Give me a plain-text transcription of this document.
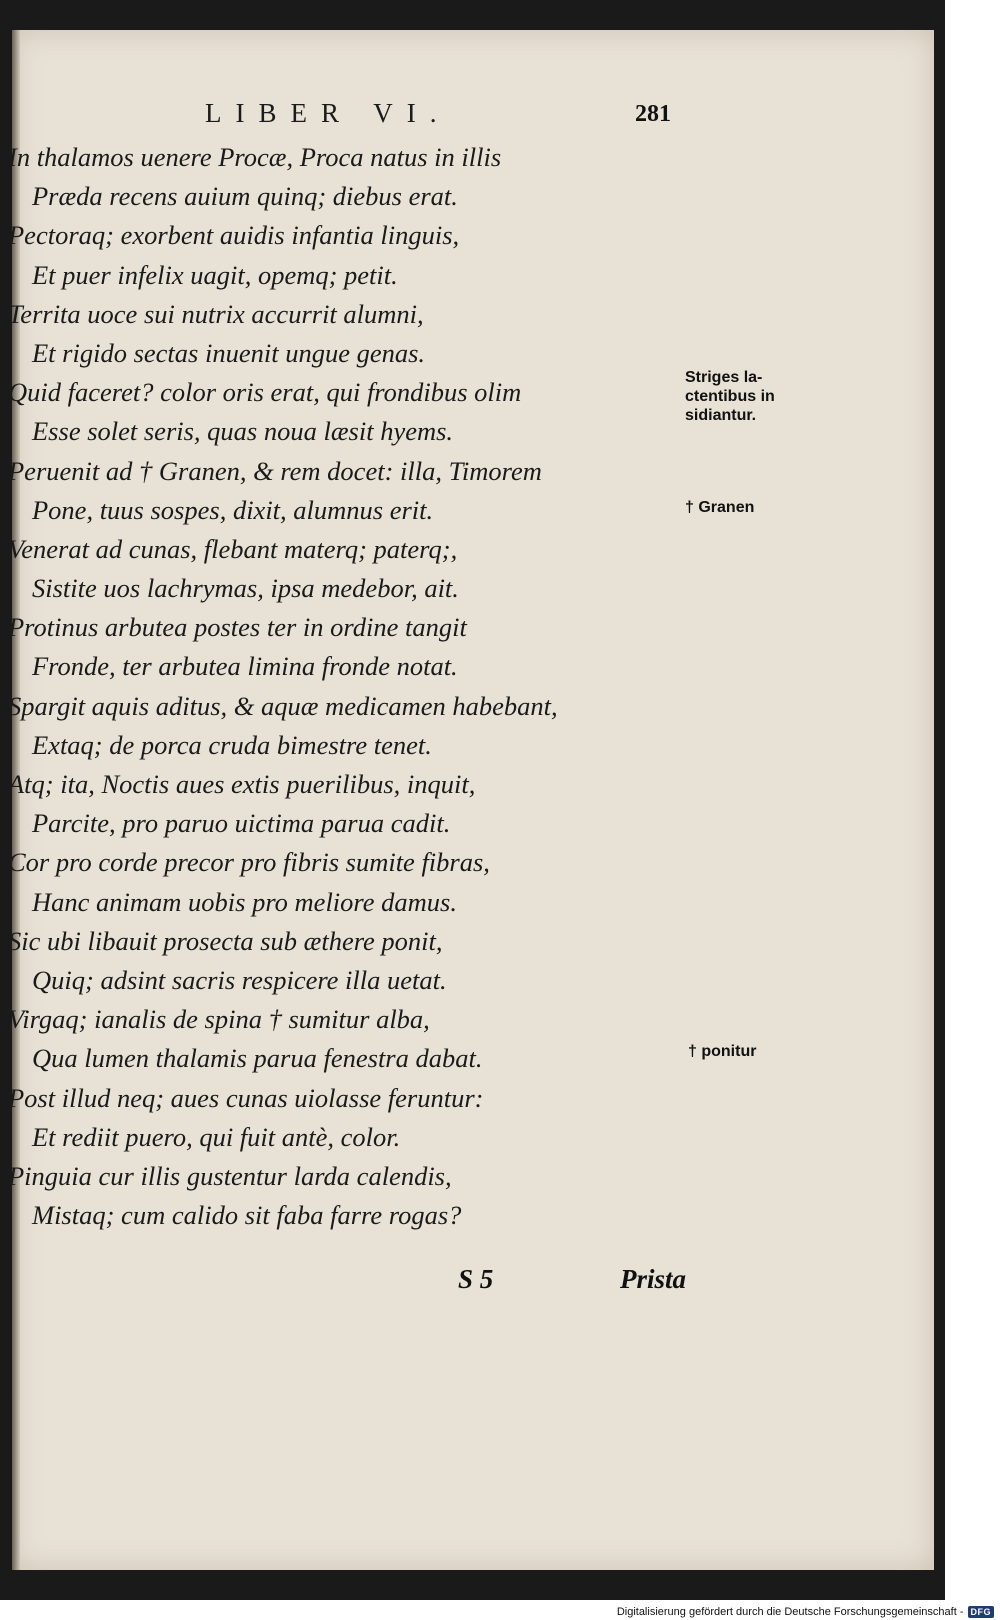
LIBER VI.	281
In thalamos uenere Procæ, Proca natus in illis
Præda recens auium quinq; diebus erat.
Pectoraq; exorbent auidis infantia linguis,
Et puer infelix uagit, opemq; petit.
Territa uoce sui nutrix accurrit alumni,
Et rigido sectas inuenit ungue genas.
Quid faceret? color oris erat, qui frondibus olim
Esse solet seris, quas noua læsit hyems.
Peruenit ad † Granen, & rem docet: illa, Timorem
Pone, tuus sospes, dixit, alumnus erit.
Venerat ad cunas, flebant materq; paterq;,
Sistite uos lachrymas, ipsa medebor, ait.
Protinus arbutea postes ter in ordine tangit
Fronde, ter arbutea limina fronde notat.
Spargit aquis aditus, & aquæ medicamen habebant,
Extaq; de porca cruda bimestre tenet.
Atq; ita, Noctis aues extis puerilibus, inquit,
Parcite, pro paruo uictima parua cadit.
Cor pro corde precor pro fibris sumite fibras,
Hanc animam uobis pro meliore damus.
Sic ubi libauit prosecta sub æthere ponit,
Quiq; adsint sacris respicere illa uetat.
Virgaq; ianalis de spina † sumitur alba,
Qua lumen thalamis parua fenestra dabat.
Post illud neq; aues cunas uiolasse feruntur:
Et rediit puero, qui fuit antè, color.
Pinguia cur illis gustentur larda calendis,
Mistaq; cum calido sit faba farre rogas?
Striges la-
ctentibus in
sidiantur.
† Granen
† ponitur
S 5	Prista
Digitalisierung gefördert durch die Deutsche Forschungsgemeinschaft - DFG
